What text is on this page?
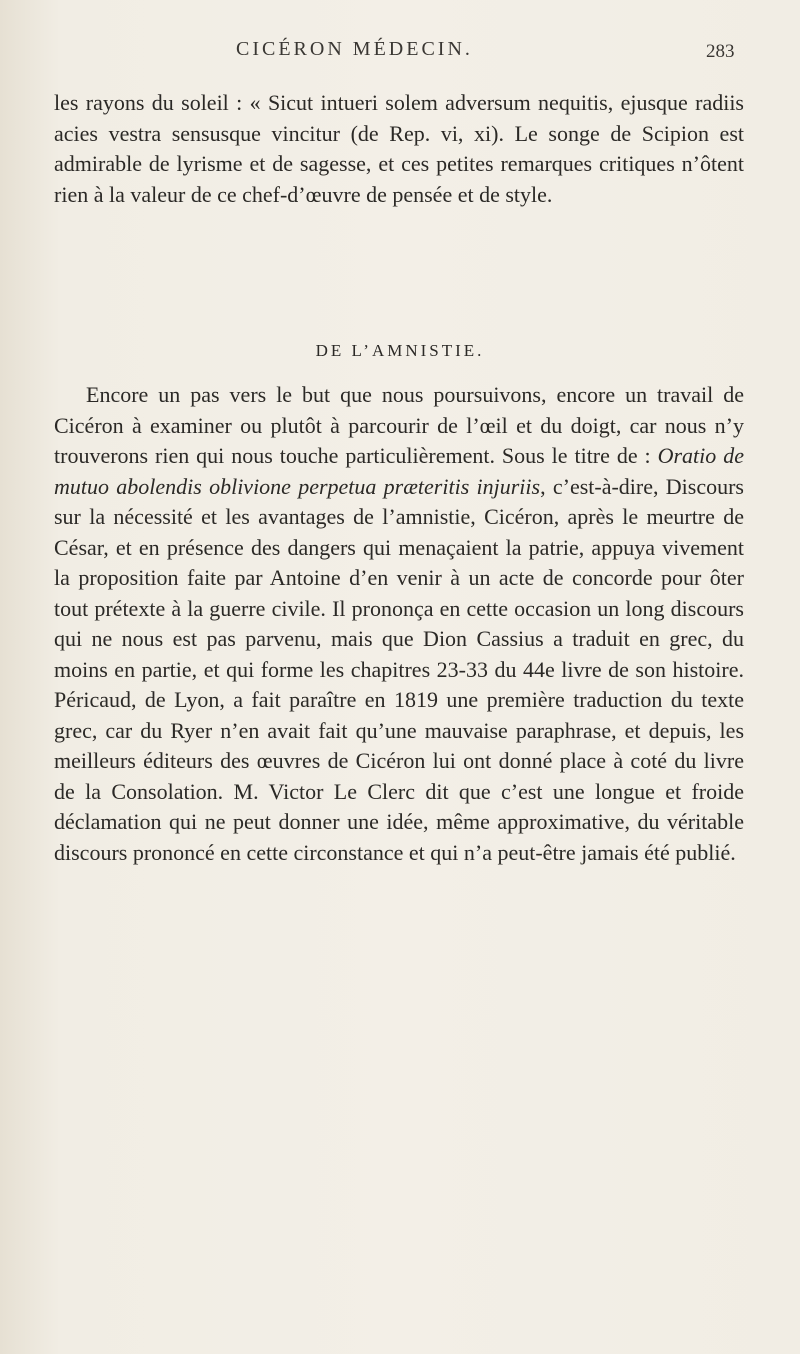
CICÉRON MÉDECIN.	283

les rayons du soleil : « Sicut intueri solem adversum nequitis, ejusque radiis acies vestra sensusque vincitur (de Rep. vi, xi). Le songe de Scipion est admirable de lyrisme et de sagesse, et ces petites remarques critiques n’ôtent rien à la valeur de ce chef-d’œuvre de pensée et de style.

DE L’AMNISTIE.

Encore un pas vers le but que nous poursuivons, encore un travail de Cicéron à examiner ou plutôt à parcourir de l’œil et du doigt, car nous n’y trouverons rien qui nous touche particulièrement. Sous le titre de : Oratio de mutuo abolendis oblivione perpetua præteritis injuriis, c’est-à-dire, Discours sur la nécessité et les avantages de l’amnistie, Cicéron, après le meurtre de César, et en présence des dangers qui menaçaient la patrie, appuya vivement la proposition faite par Antoine d’en venir à un acte de concorde pour ôter tout prétexte à la guerre civile. Il prononça en cette occasion un long discours qui ne nous est pas parvenu, mais que Dion Cassius a traduit en grec, du moins en partie, et qui forme les chapitres 23-33 du 44e livre de son histoire. Péricaud, de Lyon, a fait paraître en 1819 une première traduction du texte grec, car du Ryer n’en avait fait qu’une mauvaise paraphrase, et depuis, les meilleurs éditeurs des œuvres de Cicéron lui ont donné place à coté du livre de la Consolation. M. Victor Le Clerc dit que c’est une longue et froide déclamation qui ne peut donner une idée, même approximative, du véritable discours prononcé en cette circonstance et qui n’a peut-être jamais été publié.
